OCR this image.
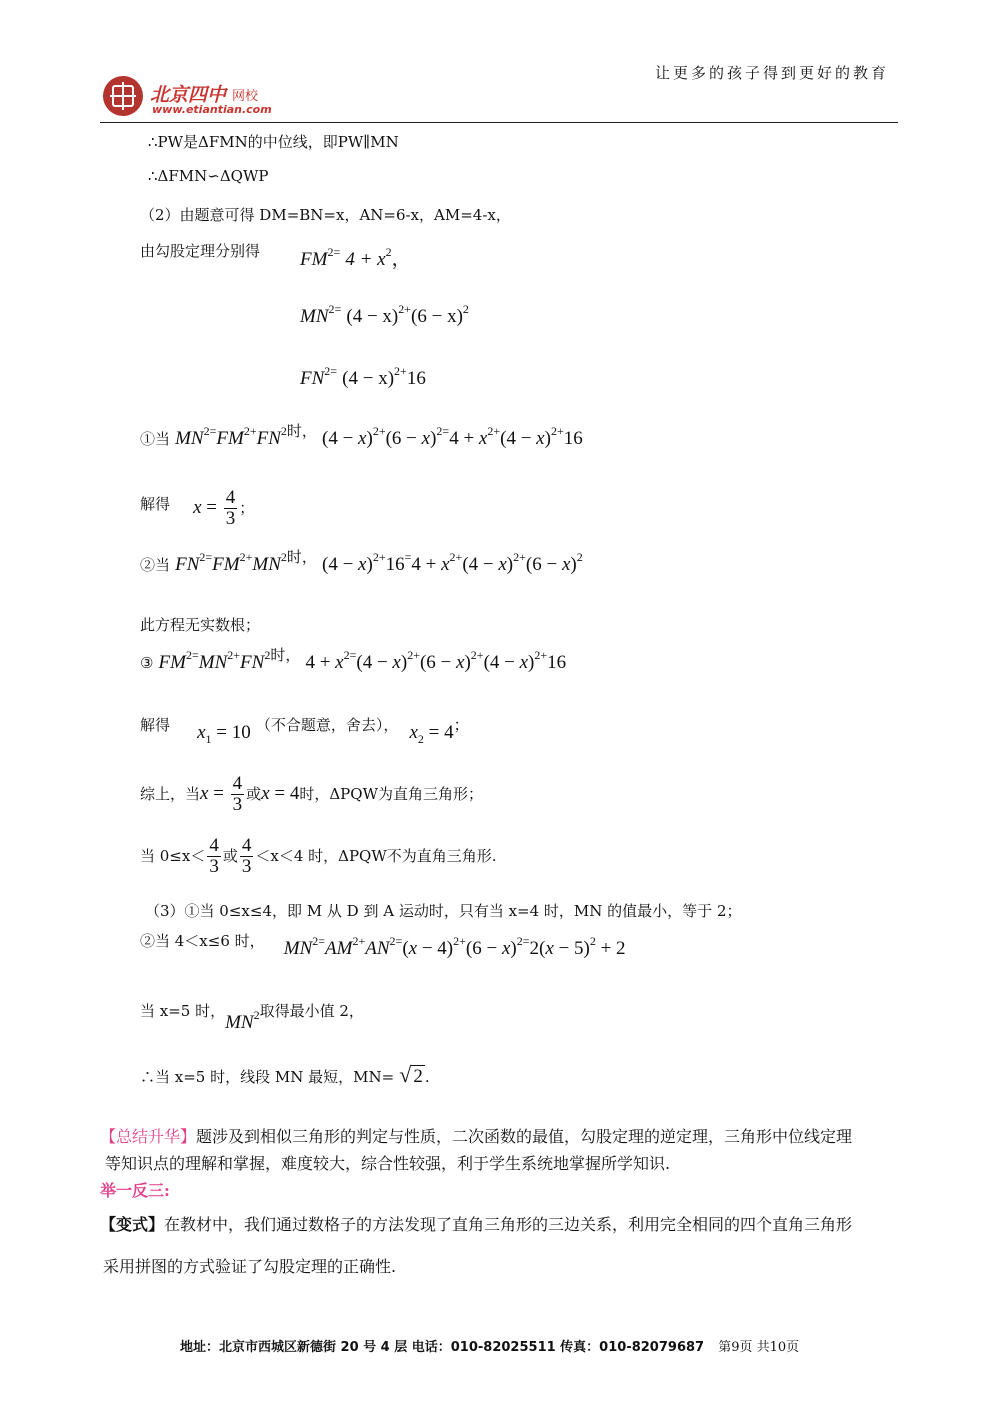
让更多的孩子得到更好的教育
北京四中 网校
www.etiantian.com
∴PW是ΔFMN的中位线，即PW∥MN
∴ΔFMN∽ΔQWP
（2）由题意可得 DM=BN=x，AN=6-x，AM=4-x，
由勾股定理分别得 $FM^{2=}$ $4 + x^2$，
$MN^{2=}$ $(4 - x)^{2+}(6 - x)^2$
$FN^{2=}$ $(4 - x)^{2+}16$
①当 $MN^{2=}FM^{2+}FN^2$时， $(4 - x)^{2+}(6 - x)^{2=}4 + x^{2+}(4 - x)^{2+}16$
解得 $x = \frac{4}{3}$ ；
②当 $FN^{2=}FM^{2+}MN^2$时， $(4 - x)^{2+}16^=4 + x^{2+}(4 - x)^{2+}(6 - x)^2$
此方程无实数根；
③ $FM^{2=}MN^{2+}FN^2$时， $4 + x^{2=}(4 - x)^{2+}(6 - x)^{2+}(4 - x)^{2+}16$
解得 $x_1 = 10$ （不合题意，舍去）， $x_2 = 4$；
综上，当$x = \frac{4}{3}$ 或x = 4时，ΔPQW为直角三角形；
当 $0\le x< \frac{4}{3}$ 或 $\frac{4}{3} <x<4$ 时，ΔPQW不为直角三角形.
（3）①当 0≤x≤4，即 M 从 D 到 A 运动时，只有当 x=4 时，MN 的值最小，等于 2；
②当 4＜x≤6 时， $MN^{2=}AM^{2+}AN^{2=}(x - 4)^{2+}(6 - x)^{2=}2(x - 5)^2 + 2$
当 x=5 时，$MN^2$取得最小值 2，
∴当 x=5 时，线段 MN 最短，MN= √ 2 .
【总结升华】题涉及到相似三角形的判定与性质，二次函数的最值，勾股定理的逆定理，三角形中位线定理
等知识点的理解和掌握，难度较大，综合性较强，利于学生系统地掌握所学知识.
举一反三:
【变式】在教材中，我们通过数格子的方法发现了直角三角形的三边关系，利用完全相同的四个直角三角形
采用拼图的方式验证了勾股定理的正确性.
地址：北京市西城区新德街 20 号 4 层 电话：010-82025511 传真：010-82079687 第9页 共10页
